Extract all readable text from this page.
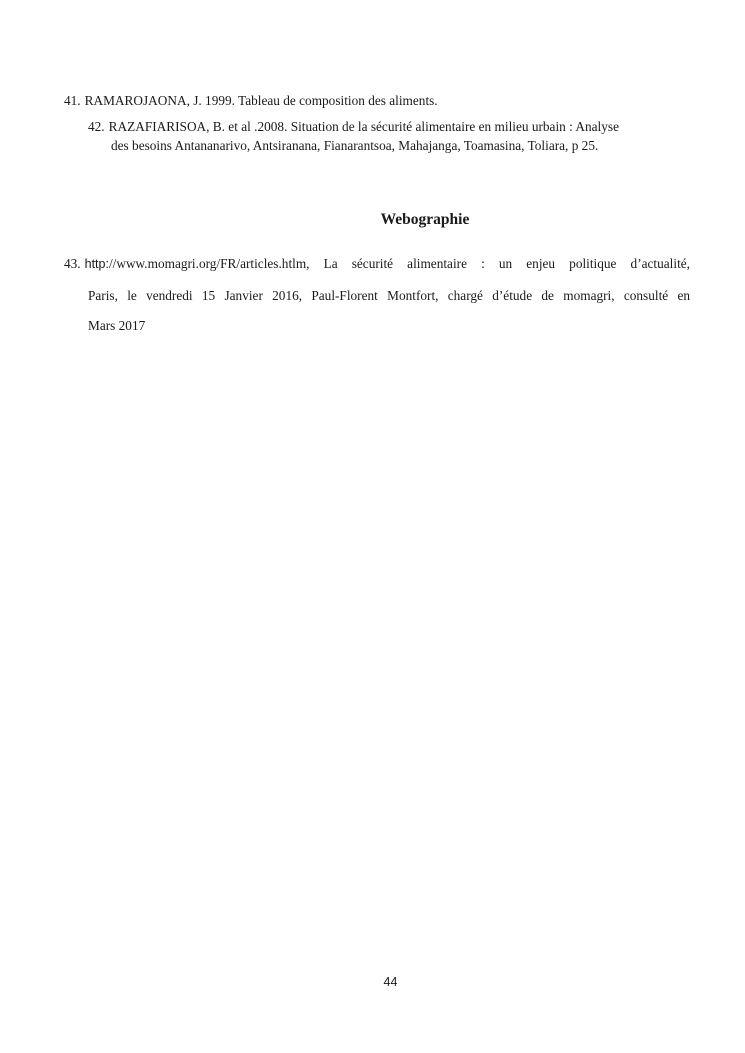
41. RAMAROJAONA, J. 1999. Tableau de composition des aliments.
42. RAZAFIARISOA, B. et al .2008. Situation de la sécurité alimentaire en milieu urbain : Analyse
des besoins Antananarivo, Antsiranana, Fianarantsoa, Mahajanga, Toamasina, Toliara, p 25.
Webographie
43. http://www.momagri.org/FR/articles.htlm, La sécurité alimentaire : un enjeu politique d’actualité,
Paris, le vendredi 15 Janvier 2016, Paul-Florent Montfort, chargé d’étude de momagri, consulté en
Mars 2017
44
